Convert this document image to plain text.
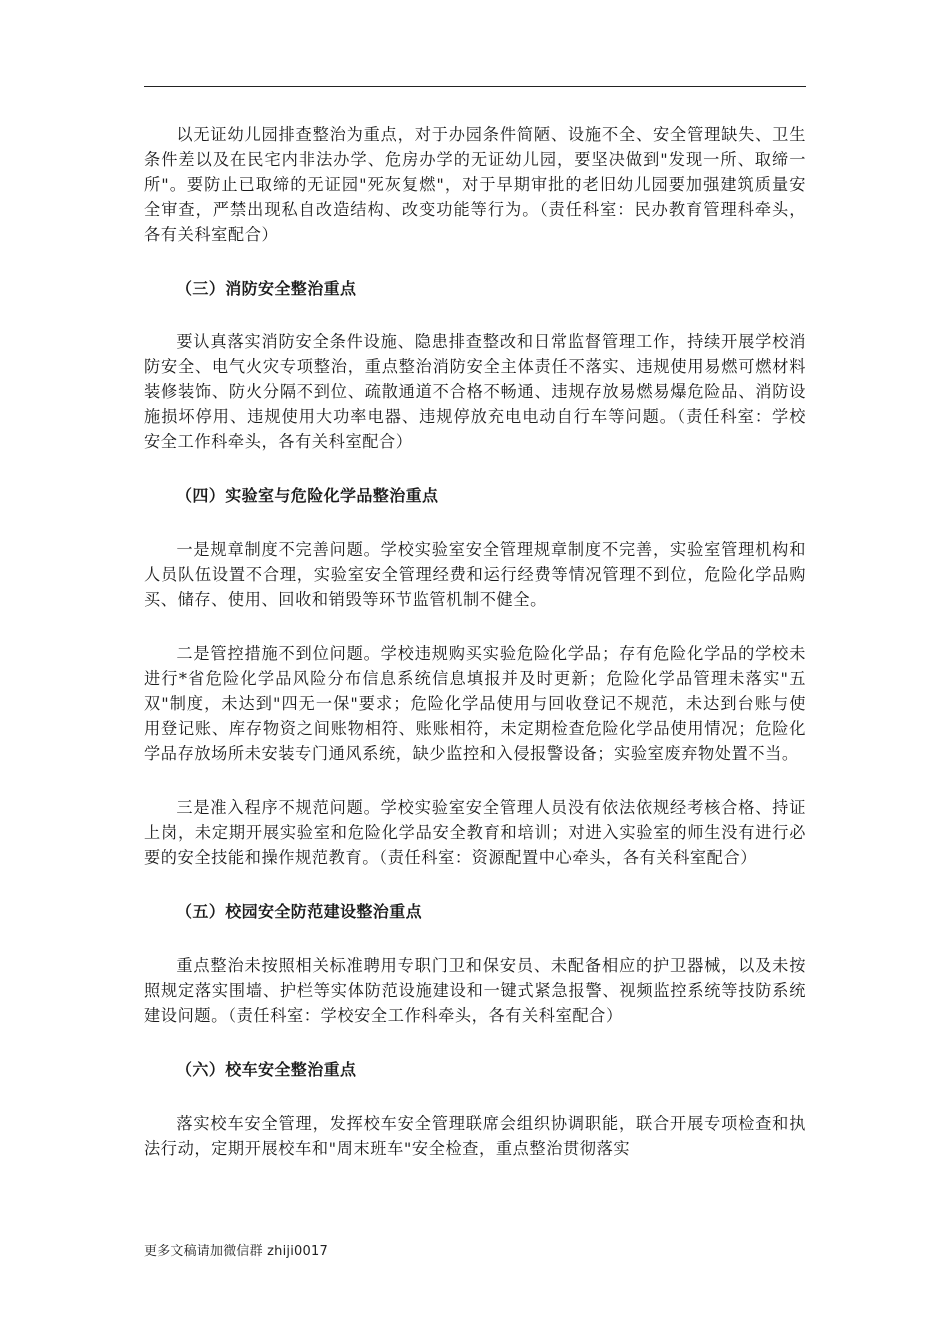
以无证幼儿园排查整治为重点，对于办园条件简陋、设施不全、安全管理缺失、卫生条件差以及在民宅内非法办学、危房办学的无证幼儿园，要坚决做到"发现一所、取缔一所"。要防止已取缔的无证园"死灰复燃"，对于早期审批的老旧幼儿园要加强建筑质量安全审查，严禁出现私自改造结构、改变功能等行为。（责任科室：民办教育管理科牵头，各有关科室配合）

（三）消防安全整治重点

要认真落实消防安全条件设施、隐患排查整改和日常监督管理工作，持续开展学校消防安全、电气火灾专项整治，重点整治消防安全主体责任不落实、违规使用易燃可燃材料装修装饰、防火分隔不到位、疏散通道不合格不畅通、违规存放易燃易爆危险品、消防设施损坏停用、违规使用大功率电器、违规停放充电电动自行车等问题。（责任科室：学校安全工作科牵头，各有关科室配合）

（四）实验室与危险化学品整治重点

一是规章制度不完善问题。学校实验室安全管理规章制度不完善，实验室管理机构和人员队伍设置不合理，实验室安全管理经费和运行经费等情况管理不到位，危险化学品购买、储存、使用、回收和销毁等环节监管机制不健全。

二是管控措施不到位问题。学校违规购买实验危险化学品；存有危险化学品的学校未进行*省危险化学品风险分布信息系统信息填报并及时更新；危险化学品管理未落实"五双"制度，未达到"四无一保"要求；危险化学品使用与回收登记不规范，未达到台账与使用登记账、库存物资之间账物相符、账账相符，未定期检查危险化学品使用情况；危险化学品存放场所未安装专门通风系统，缺少监控和入侵报警设备；实验室废弃物处置不当。

三是准入程序不规范问题。学校实验室安全管理人员没有依法依规经考核合格、持证上岗，未定期开展实验室和危险化学品安全教育和培训；对进入实验室的师生没有进行必要的安全技能和操作规范教育。（责任科室：资源配置中心牵头，各有关科室配合）

（五）校园安全防范建设整治重点

重点整治未按照相关标准聘用专职门卫和保安员、未配备相应的护卫器械，以及未按照规定落实围墙、护栏等实体防范设施建设和一键式紧急报警、视频监控系统等技防系统建设问题。（责任科室：学校安全工作科牵头，各有关科室配合）

（六）校车安全整治重点

落实校车安全管理，发挥校车安全管理联席会组织协调职能，联合开展专项检查和执法行动，定期开展校车和"周末班车"安全检查，重点整治贯彻落实

更多文稿请加微信群 zhiji0017
